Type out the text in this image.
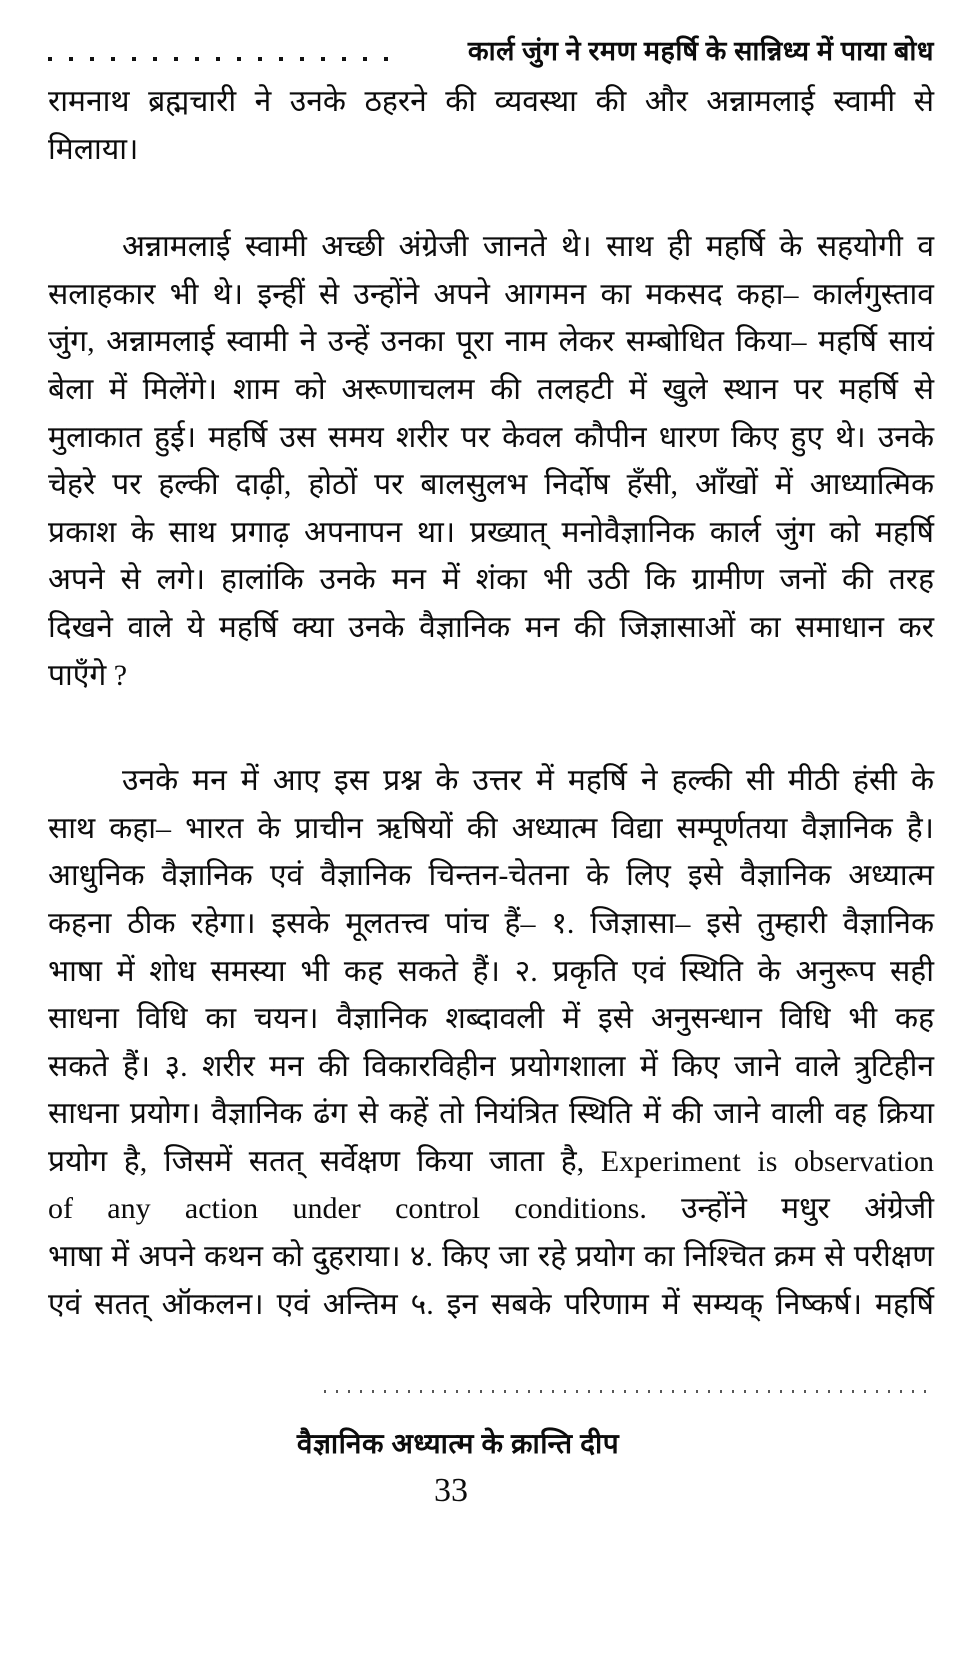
कार्ल जुंग ने रमण महर्षि के सान्निध्य में पाया बोध
रामनाथ ब्रह्मचारी ने उनके ठहरने की व्यवस्था की और अन्नामलाई स्वामी से
मिलाया।
अन्नामलाई स्वामी अच्छी अंग्रेजी जानते थे। साथ ही महर्षि के सहयोगी व
सलाहकार भी थे। इन्हीं से उन्होंने अपने आगमन का मकसद कहा– कार्लगुस्ताव
जुंग, अन्नामलाई स्वामी ने उन्हें उनका पूरा नाम लेकर सम्बोधित किया– महर्षि सायं
बेला में मिलेंगे। शाम को अरूणाचलम की तलहटी में खुले स्थान पर महर्षि से
मुलाकात हुई। महर्षि उस समय शरीर पर केवल कौपीन धारण किए हुए थे। उनके
चेहरे पर हल्की दाढ़ी, होठों पर बालसुलभ निर्दोष हँसी, आँखों में आध्यात्मिक
प्रकाश के साथ प्रगाढ़ अपनापन था। प्रख्यात् मनोवैज्ञानिक कार्ल जुंग को महर्षि
अपने से लगे। हालांकि उनके मन में शंका भी उठी कि ग्रामीण जनों की तरह
दिखने वाले ये महर्षि क्या उनके वैज्ञानिक मन की जिज्ञासाओं का समाधान कर
पाएँगे ?
उनके मन में आए इस प्रश्न के उत्तर में महर्षि ने हल्की सी मीठी हंसी के
साथ कहा– भारत के प्राचीन ऋषियों की अध्यात्म विद्या सम्पूर्णतया वैज्ञानिक है।
आधुनिक वैज्ञानिक एवं वैज्ञानिक चिन्तन-चेतना के लिए इसे वैज्ञानिक अध्यात्म
कहना ठीक रहेगा। इसके मूलतत्त्व पांच हैं– १. जिज्ञासा– इसे तुम्हारी वैज्ञानिक
भाषा में शोध समस्या भी कह सकते हैं। २. प्रकृति एवं स्थिति के अनुरूप सही
साधना विधि का चयन। वैज्ञानिक शब्दावली में इसे अनुसन्धान विधि भी कह
सकते हैं। ३. शरीर मन की विकारविहीन प्रयोगशाला में किए जाने वाले त्रुटिहीन
साधना प्रयोग। वैज्ञानिक ढंग से कहें तो नियंत्रित स्थिति में की जाने वाली वह क्रिया
प्रयोग है, जिसमें सतत् सर्वेक्षण किया जाता है, Experiment is observation
of any action under control conditions. उन्होंने मधुर अंग्रेजी
भाषा में अपने कथन को दुहराया। ४. किए जा रहे प्रयोग का निश्चित क्रम से परीक्षण
एवं सतत् ऑकलन। एवं अन्तिम ५. इन सबके परिणाम में सम्यक् निष्कर्ष। महर्षि
वैज्ञानिक अध्यात्म के क्रान्ति दीप
33
